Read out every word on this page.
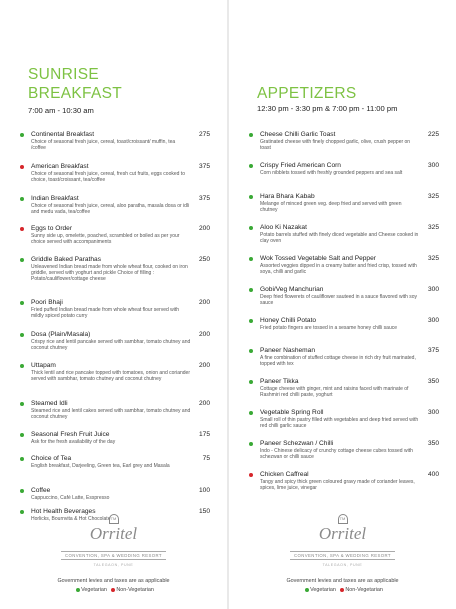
SUNRISE
BREAKFAST
7:00 am - 10:30 am
Continental Breakfast	275
Choice of seasonal fresh juice, cereal, toast/croissant/ muffin, tea /coffee
American Breakfast	375
Choice of seasonal fresh juice, cereal, fresh cut fruits, eggs cooked to choice, toast/croissant, tea/coffee
Indian Breakfast	375
Choice of seasonal fresh juice, cereal, aloo paratha, masala dosa or idli and medu vada, tea/coffee
Eggs to Order	200
Sunny side up, omelette, poached, scrambled or boiled as per your choice served with accompaniments
Griddle Baked Parathas	250
Unleavened Indian bread made from whole wheat flour, cooked on iron griddle, served with yoghurt and pickle Choice of filling : Potato/cauliflower/cottage cheese
Poori Bhaji	200
Fried puffed Indian bread made from whole wheat flour served with mildly spiced potato curry
Dosa (Plain/Masala)	200
Crispy rice and lentil pancake served with sambhar, tomato chutney and coconut chutney
Uttapam	200
Thick lentil and rice pancake topped with tomatoes, onion and coriander served with sambhar, tomato chutney and coconut chutney
Steamed Idli	200
Steamed rice and lentil cakes served with sambhar, tomato chutney and coconut chutney
Seasonal Fresh Fruit Juice	175
Ask for the fresh availability of the day
Choice of Tea	75
English breakfast, Darjeeling, Green tea, Earl grey and Masala
Coffee	100
Cappuccino, Café Latte, Esspresso
Hot Health Beverages	150
Horlicks, Bournvita & Hot Chocolate TM
Orritel
CONVENTION, SPA & WEDDING RESORT
TALEGAON, PUNE
Government levies and taxes are as applicable
Vegetarian Non-Vegetarian
APPETIZERS
12:30 pm - 3:30 pm & 7:00 pm - 11:00 pm
Cheese Chilli Garlic Toast	225
Gratinated cheese with finely chopped garlic, olive, crush pepper on toast
Crispy Fried American Corn	300
Corn nibblets tossed with freshly grounded peppers and sea salt
Hara Bhara Kabab	325
Melange of minced green veg. deep fried and served with green chutney
Aloo Ki Nazakat	325
Potato barrels stuffed with finely diced vegetable and Cheese cooked in clay oven
Wok Tossed Vegetable Salt and Pepper	325
Assorted veggies dipped in a creamy batter and fried crisp, tossed with soya, chilli and garlic
Gobi/Veg Manchurian	300
Deep fried flowerets of cauliflower sauteed in a sauce flavored with soy sauce
Honey Chilli Potato	300
Fried potato fingers are tossed in a sesame honey chilli sauce
Paneer Nasheman	375
A fine combination of stuffed cottage cheese in rich dry fruit marinated, topped with tex
Paneer Tikka	350
Cottage cheese with ginger, mint and raisins faced with marinate of Rashmiri red chilli paste, yoghurt
Vegetable Spring Roll	300
Small roll of thin pastry filled with vegetables and deep fried served with red chilli garlic sauce
Paneer Schezwan / Chilli	350
Indo - Chinese delicacy of crunchy cottage cheese cubes tossed with schezwan or chilli sauce
Chicken Caffreal	400
Tangy and spicy thick green coloured gravy made of coriander leaves, spices, lime juice, vinegar
TM
Orritel
CONVENTION, SPA & WEDDING RESORT
TALEGAON, PUNE
Government levies and taxes are as applicable
Vegetarian Non-Vegetarian
